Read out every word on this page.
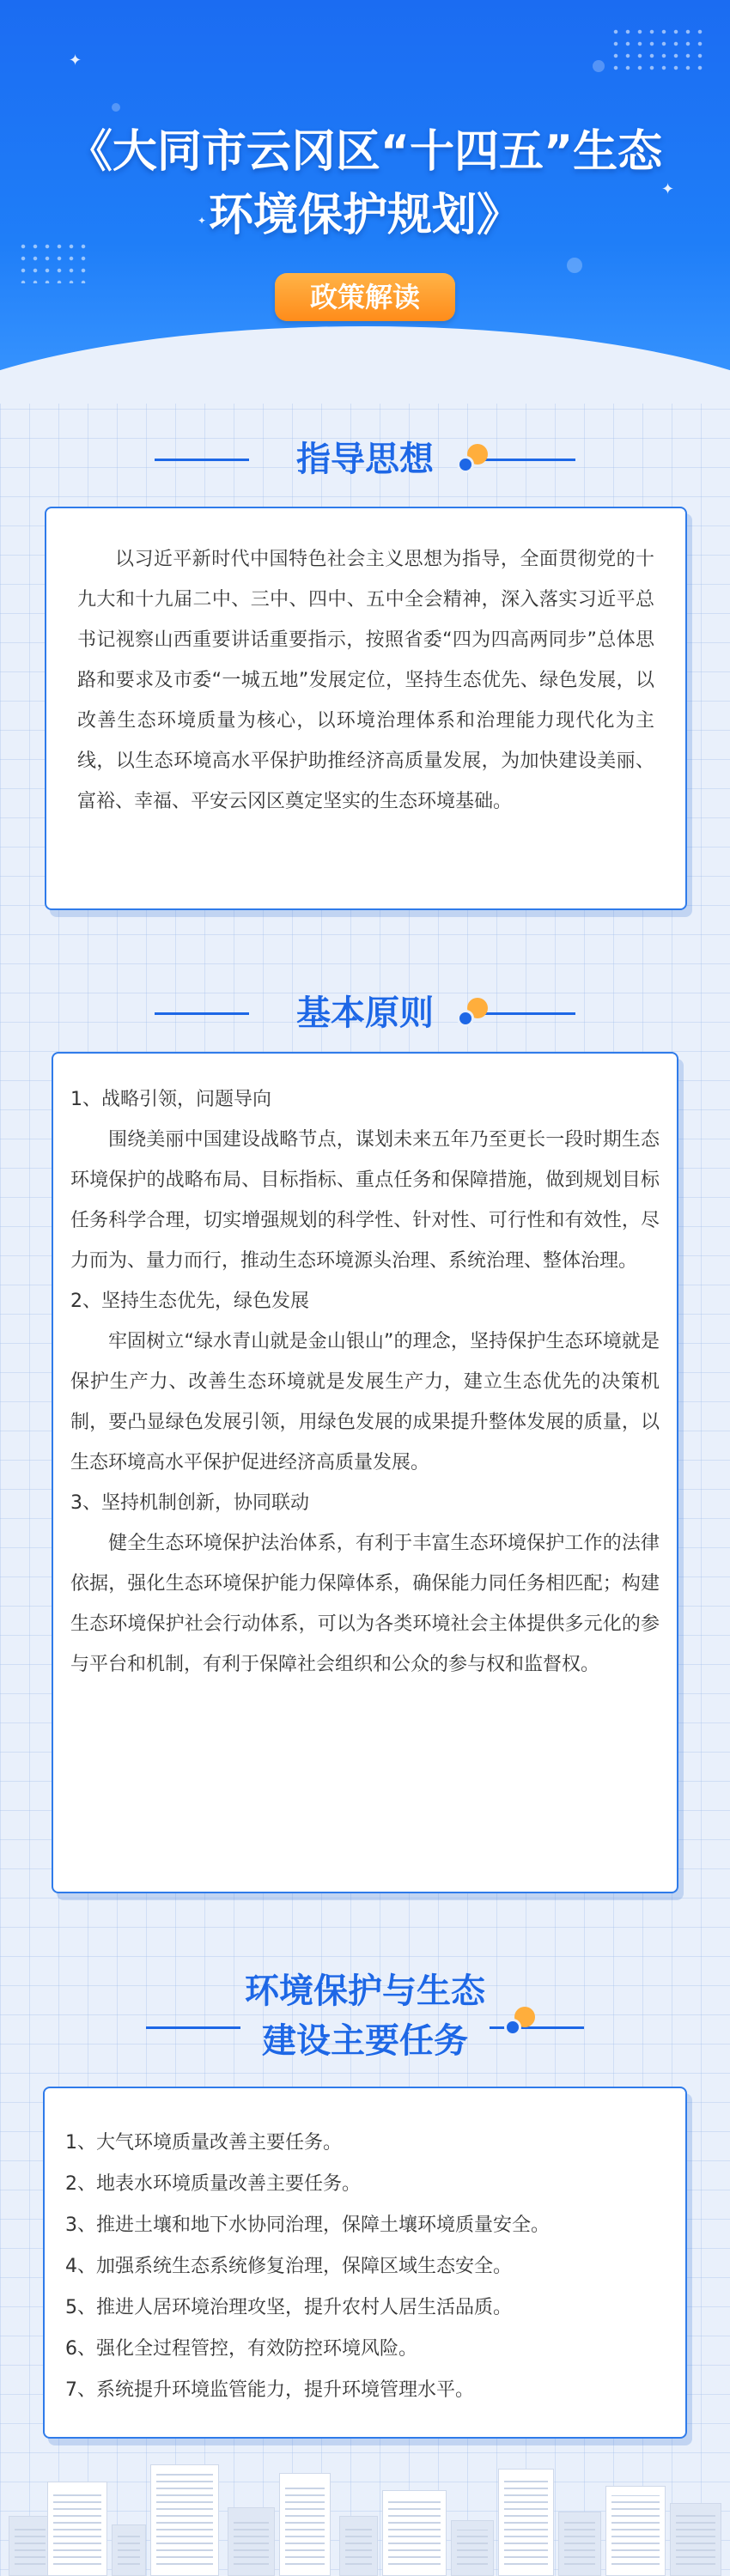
✦
✦
✦
《大同市云冈区“十四五”生态
环境保护规划》
政策解读
指导思想

以习近平新时代中国特色社会主义思想为指导，全面贯彻党的十九大和十九届二中、三中、四中、五中全会精神，深入落实习近平总书记视察山西重要讲话重要指示，按照省委“四为四高两同步”总体思路和要求及市委“一城五地”发展定位，坚持生态优先、绿色发展，以改善生态环境质量为核心，以环境治理体系和治理能力现代化为主线，以生态环境高水平保护助推经济高质量发展，为加快建设美丽、富裕、幸福、平安云冈区奠定坚实的生态环境基础。

基本原则
1、战略引领，问题导向

围绕美丽中国建设战略节点，谋划未来五年乃至更长一段时期生态环境保护的战略布局、目标指标、重点任务和保障措施，做到规划目标任务科学合理，切实增强规划的科学性、针对性、可行性和有效性，尽力而为、量力而行，推动生态环境源头治理、系统治理、整体治理。

2、坚持生态优先，绿色发展

牢固树立“绿水青山就是金山银山”的理念，坚持保护生态环境就是保护生产力、改善生态环境就是发展生产力，建立生态优先的决策机制，要凸显绿色发展引领，用绿色发展的成果提升整体发展的质量，以生态环境高水平保护促进经济高质量发展。

3、坚持机制创新，协同联动

健全生态环境保护法治体系，有利于丰富生态环境保护工作的法律依据，强化生态环境保护能力保障体系，确保能力同任务相匹配；构建生态环境保护社会行动体系，可以为各类环境社会主体提供多元化的参与平台和机制，有利于保障社会组织和公众的参与权和监督权。

环境保护与生态
建设主要任务
1、大气环境质量改善主要任务。
2、地表水环境质量改善主要任务。
3、推进土壤和地下水协同治理，保障土壤环境质量安全。
4、加强系统生态系统修复治理，保障区域生态安全。
5、推进人居环境治理攻坚，提升农村人居生活品质。
6、强化全过程管控，有效防控环境风险。
7、系统提升环境监管能力，提升环境管理水平。
